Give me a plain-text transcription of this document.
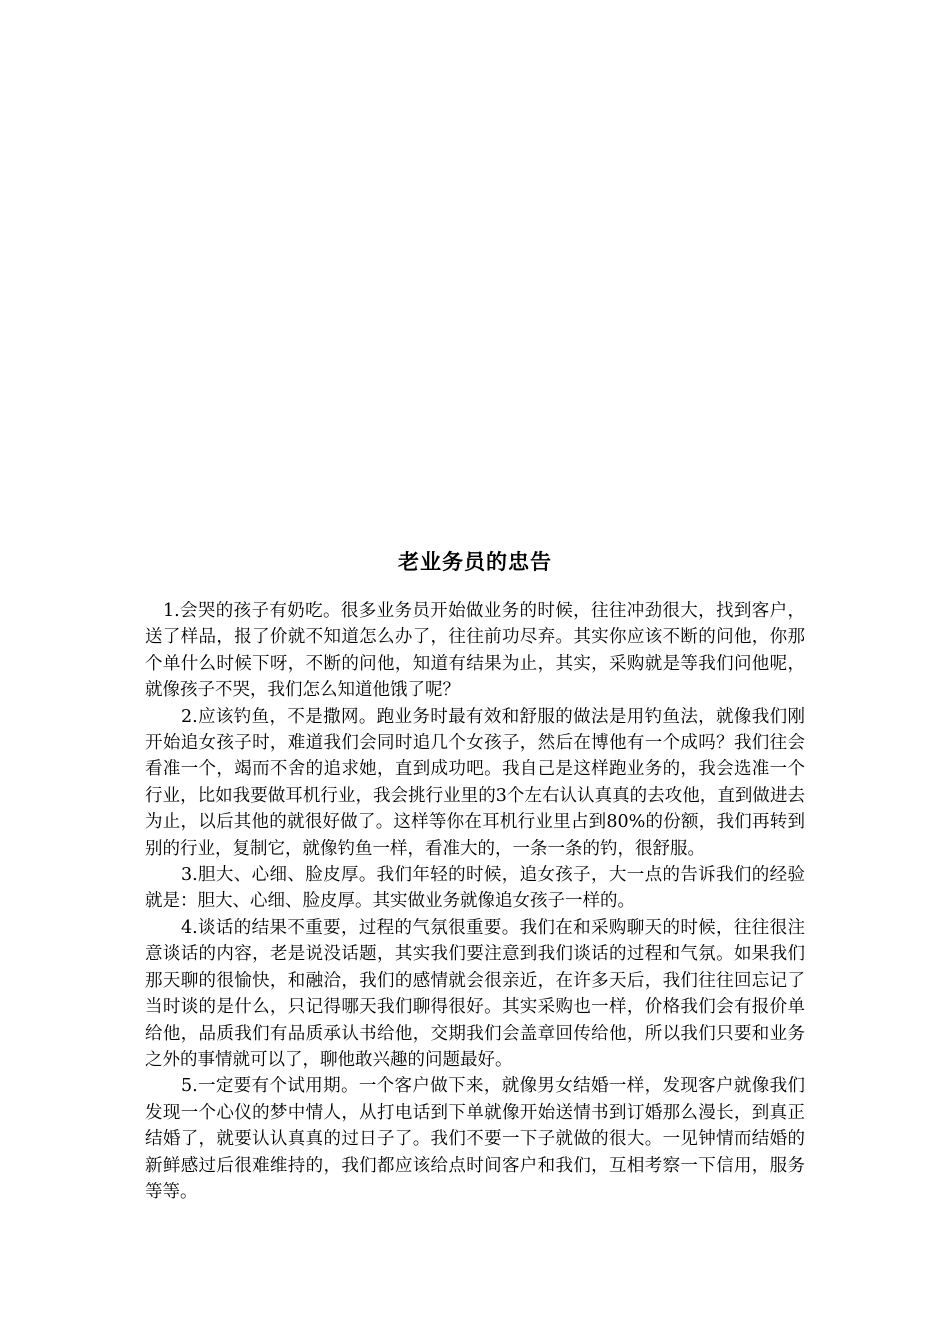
老业务员的忠告

1.会哭的孩子有奶吃。很多业务员开始做业务的时候，往往冲劲很大，找到客户，送了样品，报了价就不知道怎么办了，往往前功尽弃。其实你应该不断的问他，你那个单什么时候下呀，不断的问他，知道有结果为止，其实，采购就是等我们问他呢，就像孩子不哭，我们怎么知道他饿了呢？

2.应该钓鱼，不是撒网。跑业务时最有效和舒服的做法是用钓鱼法，就像我们刚开始追女孩子时，难道我们会同时追几个女孩子，然后在博他有一个成吗？我们往会看准一个，竭而不舍的追求她，直到成功吧。我自己是这样跑业务的，我会选准一个行业，比如我要做耳机行业，我会挑行业里的3个左右认认真真的去攻他，直到做进去为止，以后其他的就很好做了。这样等你在耳机行业里占到80%的份额，我们再转到别的行业，复制它，就像钓鱼一样，看准大的，一条一条的钓，很舒服。

3.胆大、心细、脸皮厚。我们年轻的时候，追女孩子，大一点的告诉我们的经验就是：胆大、心细、脸皮厚。其实做业务就像追女孩子一样的。

4.谈话的结果不重要，过程的气氛很重要。我们在和采购聊天的时候，往往很注意谈话的内容，老是说没话题，其实我们要注意到我们谈话的过程和气氛。如果我们那天聊的很愉快，和融洽，我们的感情就会很亲近，在许多天后，我们往往回忘记了当时谈的是什么，只记得哪天我们聊得很好。其实采购也一样，价格我们会有报价单给他，品质我们有品质承认书给他，交期我们会盖章回传给他，所以我们只要和业务之外的事情就可以了，聊他敢兴趣的问题最好。

5.一定要有个试用期。一个客户做下来，就像男女结婚一样，发现客户就像我们发现一个心仪的梦中情人，从打电话到下单就像开始送情书到订婚那么漫长，到真正结婚了，就要认认真真的过日子了。我们不要一下子就做的很大。一见钟情而结婚的新鲜感过后很难维持的，我们都应该给点时间客户和我们，互相考察一下信用，服务等等。
